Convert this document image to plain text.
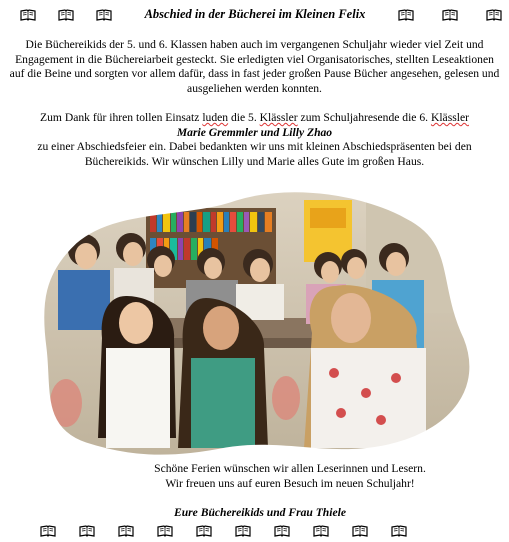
Abschied in der Bücherei im Kleinen Felix
Die Büchereikids der 5. und 6. Klassen haben auch im vergangenen Schuljahr wieder viel Zeit und Engagement in die Büchereiarbeit gesteckt. Sie erledigten viel Organisatorisches, stellten Leseaktionen auf die Beine und sorgten vor allem dafür, dass in fast jeder großen Pause Bücher angesehen, gelesen und ausgeliehen werden konnten.
Zum Dank für ihren tollen Einsatz luden die 5. Klässler zum Schuljahresende die 6. Klässler
Marie Gremmler und Lilly Zhao
zu einer Abschiedsfeier ein. Dabei bedankten wir uns mit kleinen Abschiedspräsenten bei den Büchereikids. Wir wünschen Lilly und Marie alles Gute im großen Haus.
Schöne Ferien wünschen wir allen Leserinnen und Lesern.
Wir freuen uns auf euren Besuch im neuen Schuljahr!
Eure Büchereikids und Frau Thiele
